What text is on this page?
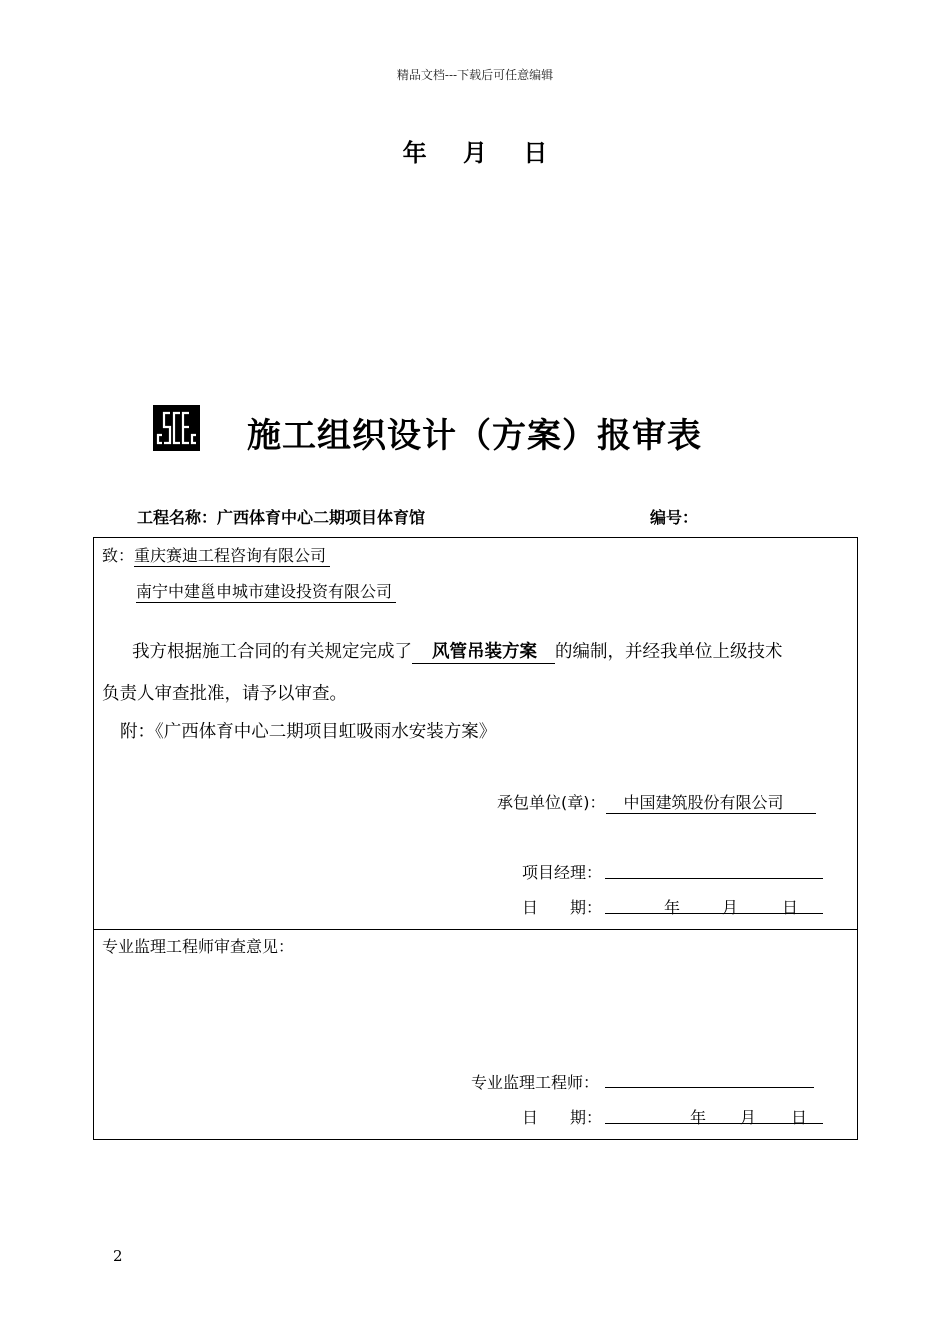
精品文档---下载后可任意编辑
年 月 日
施工组织设计（方案）报审表
工程名称：广西体育中心二期项目体育馆	编号：
致：重庆赛迪工程咨询有限公司
南宁中建邕申城市建设投资有限公司
我方根据施工合同的有关规定完成了 风管吊装方案 的编制，并经我单位上级技术
负责人审查批准，请予以审查。
附：《广西体育中心二期项目虹吸雨水安装方案》
承包单位(章)： 中国建筑股份有限公司
项目经理：
日　　期：	年	月	日
专业监理工程师审查意见：
专业监理工程师：
日　　期：	年 月 日
2
